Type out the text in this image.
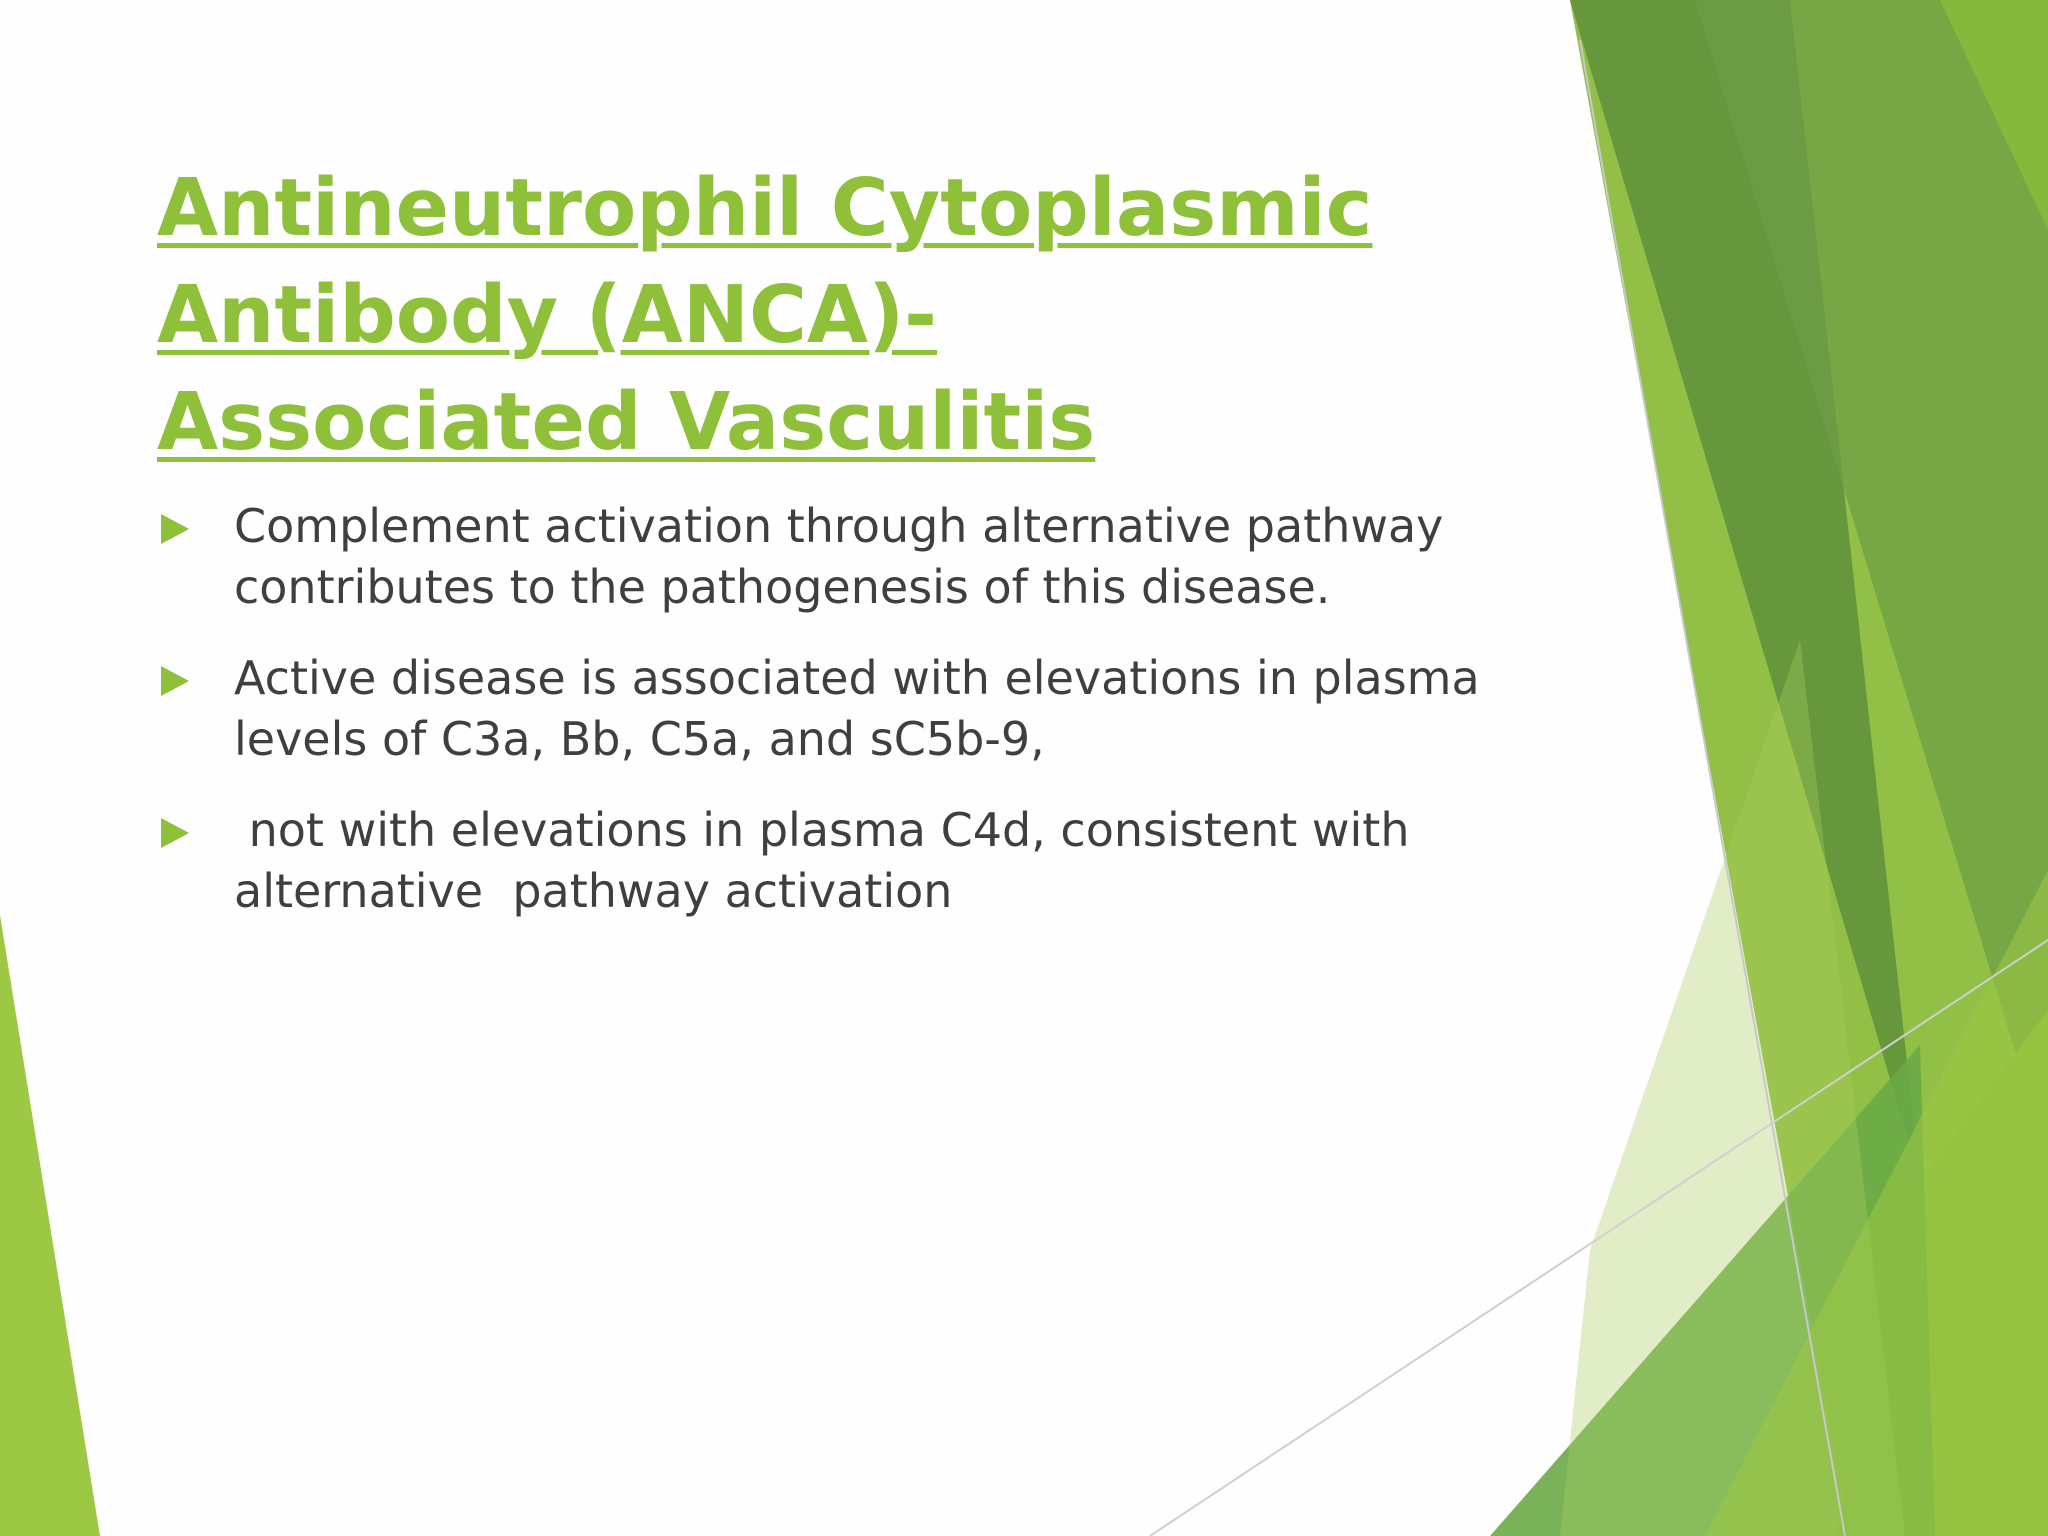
Antineutrophil Cytoplasmic Antibody (ANCA)-Associated Vasculitis
Complement activation through alternative pathway contributes to the pathogenesis of this disease.
Active disease is associated with elevations in plasma levels of C3a, Bb, C5a, and sC5b-9,
not with elevations in plasma C4d, consistent with alternative  pathway activation
